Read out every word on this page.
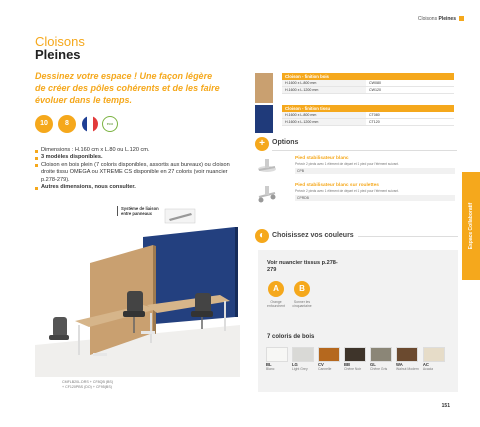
Cloisons Pleines
Cloisons
Pleines
Dessinez votre espace ! Une façon légère de créer des pôles cohérents et de les faire évoluer dans le temps.
10	8	eco
Dimensions : H.160 cm x L.80 ou L.120 cm.
3 modèles disponibles.
Cloison en bois plein (7 coloris disponibles, assortis aux bureaux) ou cloison droite tissu OMEGA ou XTREME CS disponible en 27 coloris (voir nuancier p.278-279).
Autres dimensions, nous consulter.
Système de liaison entre panneaux
CMFLB20L.DRS + CF8QB (BS)
+ CF120PBS (DO) + CF95(BS)
Cloison - finition bois
H.1600 x L.800 mm	CW080
H.1600 x L.1200 mm	CW120
Cloison - finition tissu
H.1600 x L.800 mm	CT080
H.1600 x L.1200 mm	CT120
+	Options
Pied stabilisateur blanc
Prévoir 2 pieds avec 1 élément de départ et 1 pied pour l'élément suivant.
CPB
Pied stabilisateur blanc sur roulettes
Prévoir 2 pieds avec 1 élément de départ et 1 pied pour l'élément suivant.
CPRDB
◐ Choisissez vos couleurs
Voir nuancier tissus p.278-279
A
Orange enfourchent
B
Sonner les cinquantaine
7 coloris de bois
BL
Blanc
LG
Light Grey
CV
Cannelle
BB
Chêne Noir
GL
Chêne Gris
WA
Walnut Modern
AC
Acacia
Espace Collaboratif
151
